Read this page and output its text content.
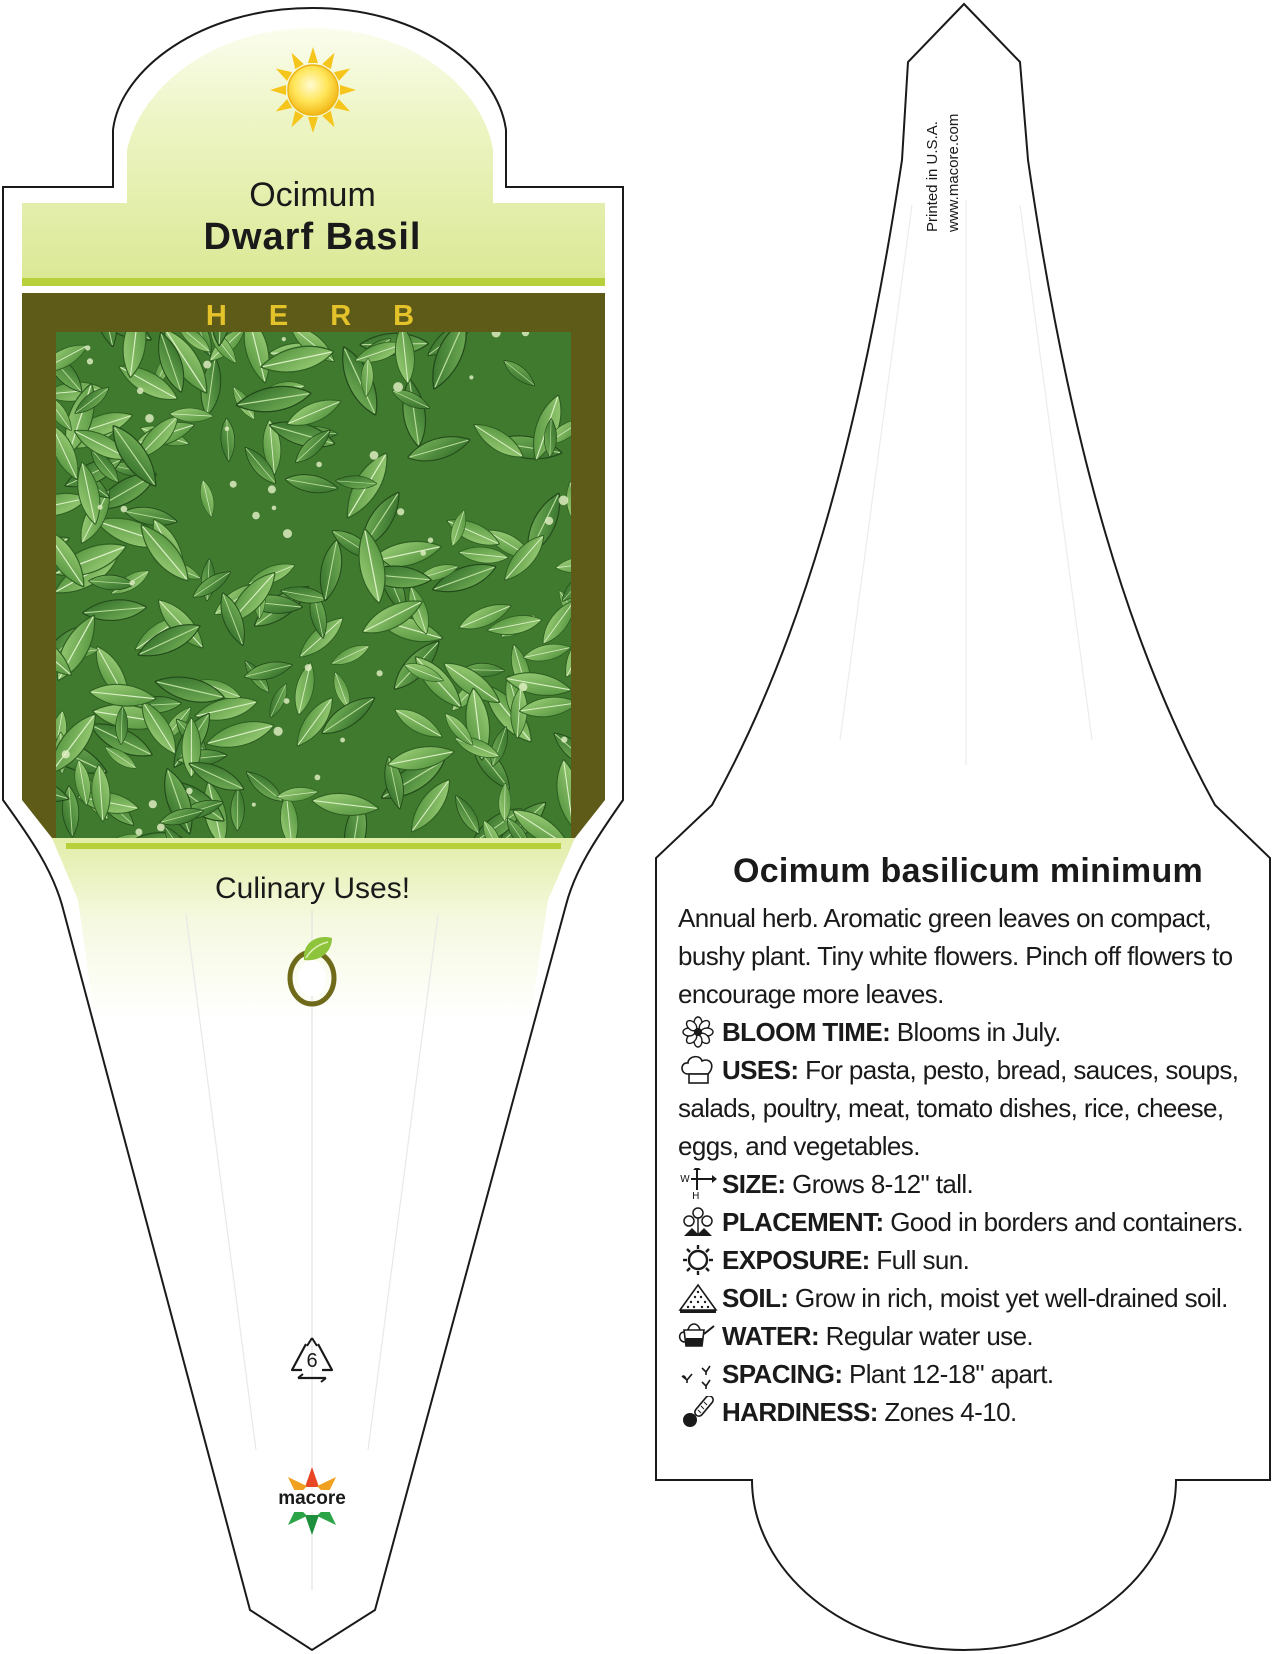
Ocimum
Dwarf Basil
HERB
Culinary Uses!
6
macore
Printed in U.S.A. www.macore.com
Ocimum basilicum minimum
Annual herb. Aromatic green leaves on compact, bushy plant. Tiny white flowers. Pinch off flowers to encourage more leaves.
BLOOM TIME: Blooms in July.
USES: For pasta, pesto, bread, sauces, soups, salads, poultry, meat, tomato dishes, rice, cheese, eggs, and vegetables.
W
H SIZE: Grows 8-12" tall.
PLACEMENT: Good in borders and containers.
EXPOSURE: Full sun.
SOIL: Grow in rich, moist yet well-drained soil.
WATER: Regular water use.
SPACING: Plant 12-18" apart.
HARDINESS: Zones 4-10.
